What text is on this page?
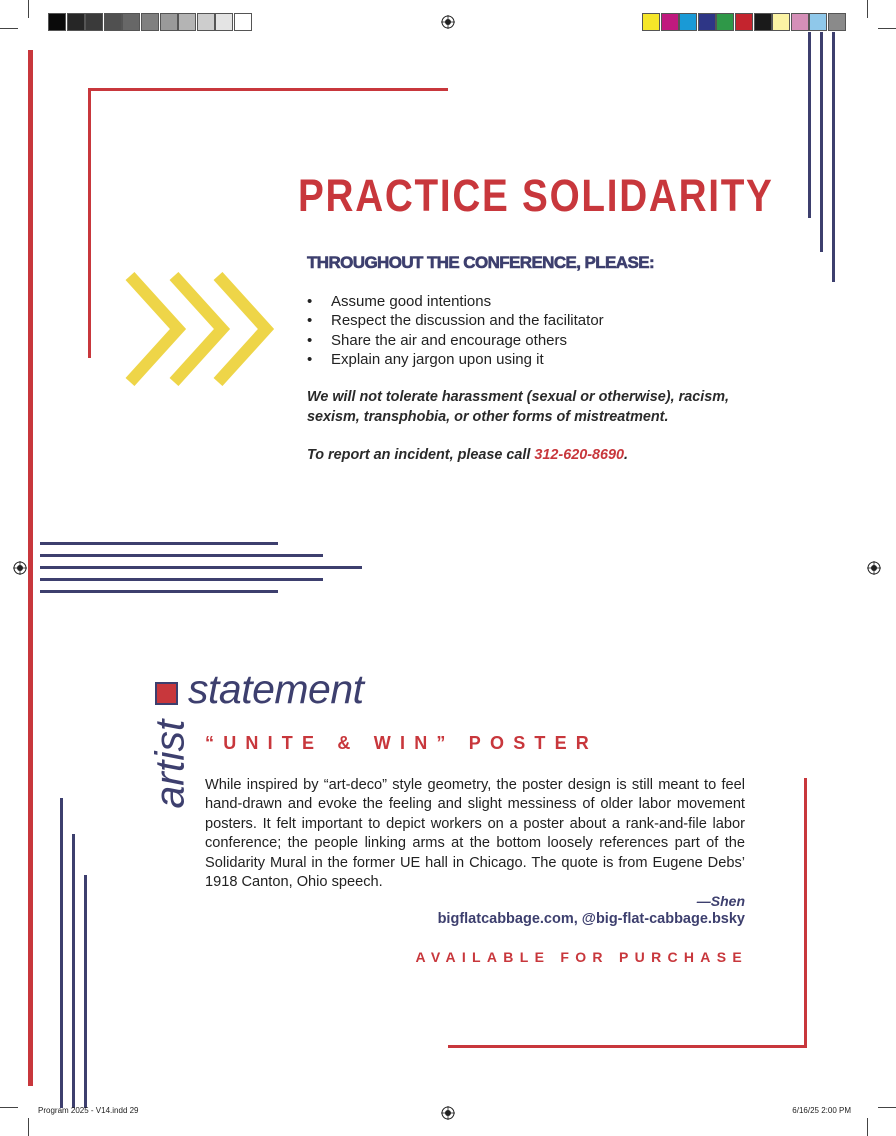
PRACTICE SOLIDARITY
THROUGHOUT THE CONFERENCE, PLEASE:
• Assume good intentions
• Respect the discussion and the facilitator
• Share the air and encourage others
• Explain any jargon upon using it

We will not tolerate harassment (sexual or otherwise), racism, sexism, transphobia, or other forms of mistreatment.

To report an incident, please call 312-620-8690.

statement

artist “UNITE & WIN” POSTER

While inspired by “art-deco” style geometry, the poster design is still meant to feel hand-drawn and evoke the feeling and slight messiness of older labor movement posters. It felt important to depict workers on a poster about a rank-and-file labor conference; the people linking arms at the bottom loosely references part of the Solidarity Mural in the former UE hall in Chicago. The quote is from Eugene Debs’ 1918 Canton, Ohio speech.

—Shen

bigflatcabbage.com, @big-flat-cabbage.bsky

AVAILABLE FOR PURCHASE

Program 2025 - V14.indd 29	6/16/25 2:00 PM
